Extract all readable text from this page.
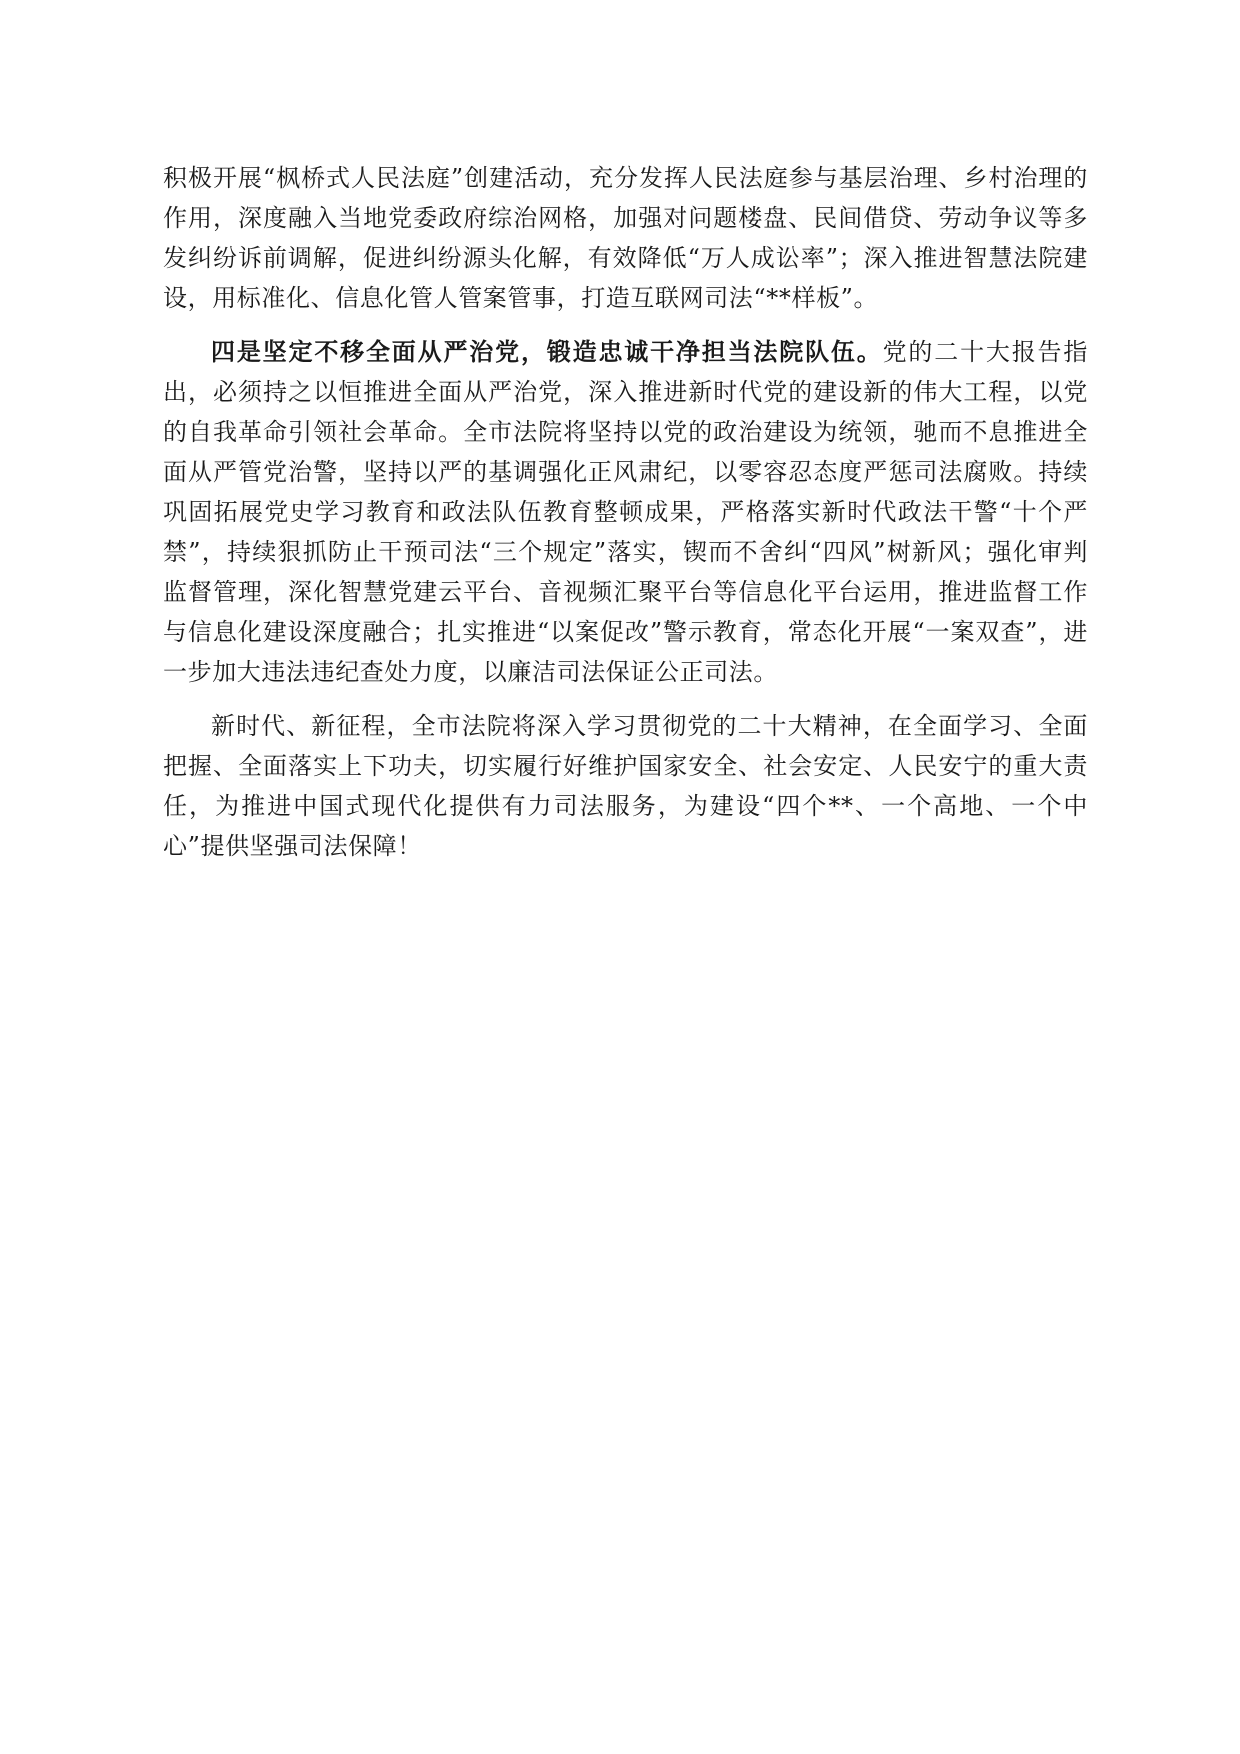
积极开展“枫桥式人民法庭”创建活动，充分发挥人民法庭参与基层治理、乡村治理的作用，深度融入当地党委政府综治网格，加强对问题楼盘、民间借贷、劳动争议等多发纠纷诉前调解，促进纠纷源头化解，有效降低“万人成讼率”；深入推进智慧法院建设，用标准化、信息化管人管案管事，打造互联网司法“**样板”。

四是坚定不移全面从严治党，锻造忠诚干净担当法院队伍。党的二十大报告指出，必须持之以恒推进全面从严治党，深入推进新时代党的建设新的伟大工程，以党的自我革命引领社会革命。全市法院将坚持以党的政治建设为统领，驰而不息推进全面从严管党治警，坚持以严的基调强化正风肃纪，以零容忍态度严惩司法腐败。持续巩固拓展党史学习教育和政法队伍教育整顿成果，严格落实新时代政法干警“十个严禁”，持续狠抓防止干预司法“三个规定”落实，锲而不舍纠“四风”树新风；强化审判监督管理，深化智慧党建云平台、音视频汇聚平台等信息化平台运用，推进监督工作与信息化建设深度融合；扎实推进“以案促改”警示教育，常态化开展“一案双查”，进一步加大违法违纪查处力度，以廉洁司法保证公正司法。

新时代、新征程，全市法院将深入学习贯彻党的二十大精神，在全面学习、全面把握、全面落实上下功夫，切实履行好维护国家安全、社会安定、人民安宁的重大责任，为推进中国式现代化提供有力司法服务，为建设“四个**、一个高地、一个中心”提供坚强司法保障！
